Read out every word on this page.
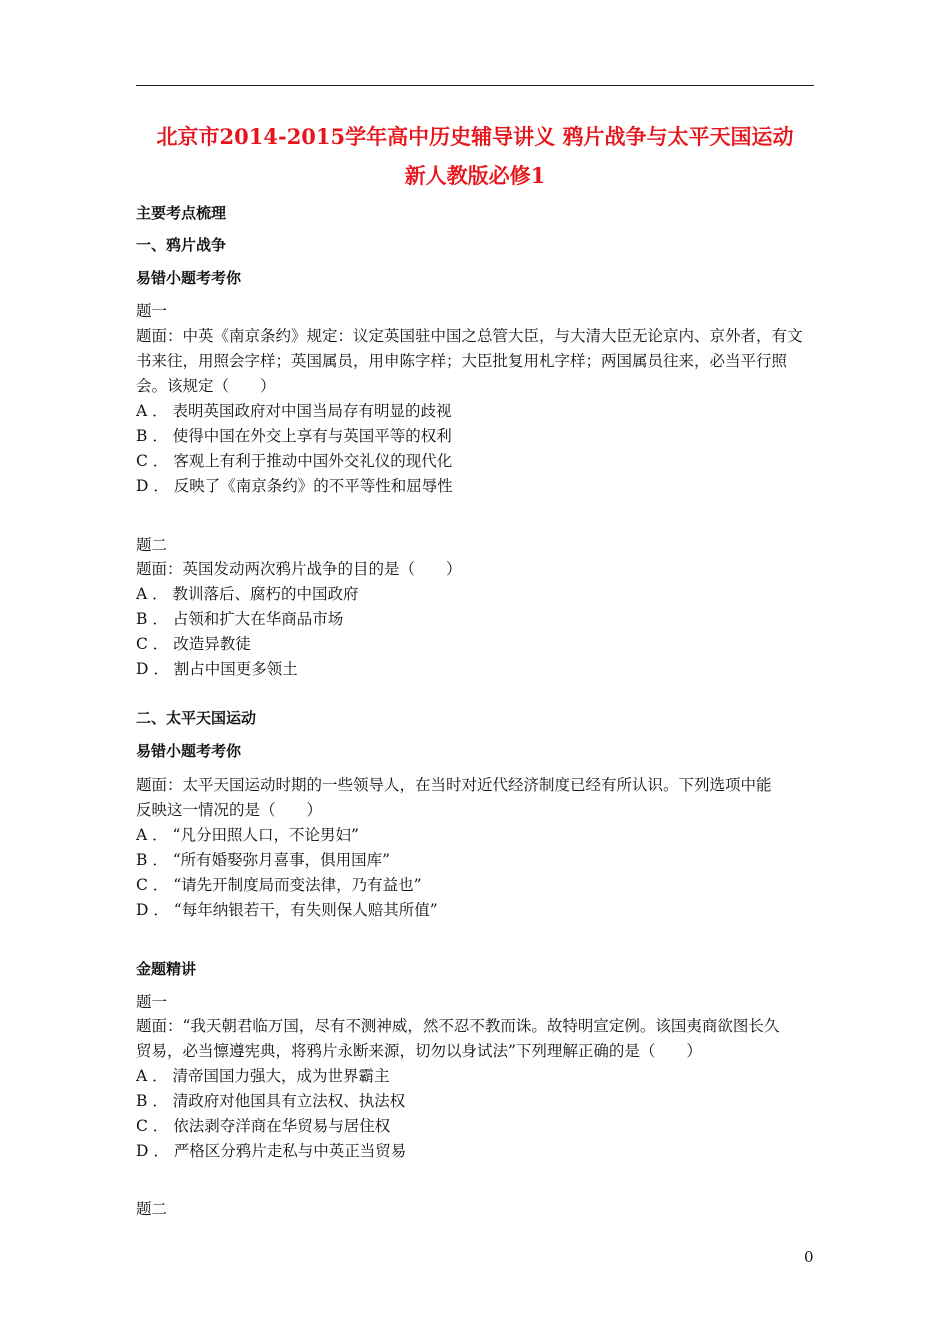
北京市2014-2015学年高中历史辅导讲义 鸦片战争与太平天国运动
新人教版必修1
主要考点梳理
一、鸦片战争
易错小题考考你
题一
题面：中英《南京条约》规定：议定英国驻中国之总管大臣，与大清大臣无论京内、京外者，有文
书来往，用照会字样；英国属员，用申陈字样；大臣批复用札字样；两国属员往来，必当平行照
会。该规定（　　）
A ． 表明英国政府对中国当局存有明显的歧视
B ． 使得中国在外交上享有与英国平等的权利
C ． 客观上有利于推动中国外交礼仪的现代化
D ． 反映了《南京条约》的不平等性和屈辱性
题二
题面：英国发动两次鸦片战争的目的是（　　）
A ． 教训落后、腐朽的中国政府
B ． 占领和扩大在华商品市场
C ． 改造异教徒
D ． 割占中国更多领土
二、太平天国运动
易错小题考考你
题面：太平天国运动时期的一些领导人，在当时对近代经济制度已经有所认识。下列选项中能
反映这一情况的是（　　）
A ． “凡分田照人口，不论男妇”
B ． “所有婚娶弥月喜事，俱用国库”
C ． “请先开制度局而变法律，乃有益也”
D ． “每年纳银若干，有失则保人赔其所值”
金题精讲
题一
题面：“我天朝君临万国，尽有不测神威，然不忍不教而诛。故特明宣定例。该国夷商欲图长久
贸易，必当懔遵宪典，将鸦片永断来源，切勿以身试法”下列理解正确的是（　　）
A ． 清帝国国力强大，成为世界霸主
B ． 清政府对他国具有立法权、执法权
C ． 依法剥夺洋商在华贸易与居住权
D ． 严格区分鸦片走私与中英正当贸易
题二
0
